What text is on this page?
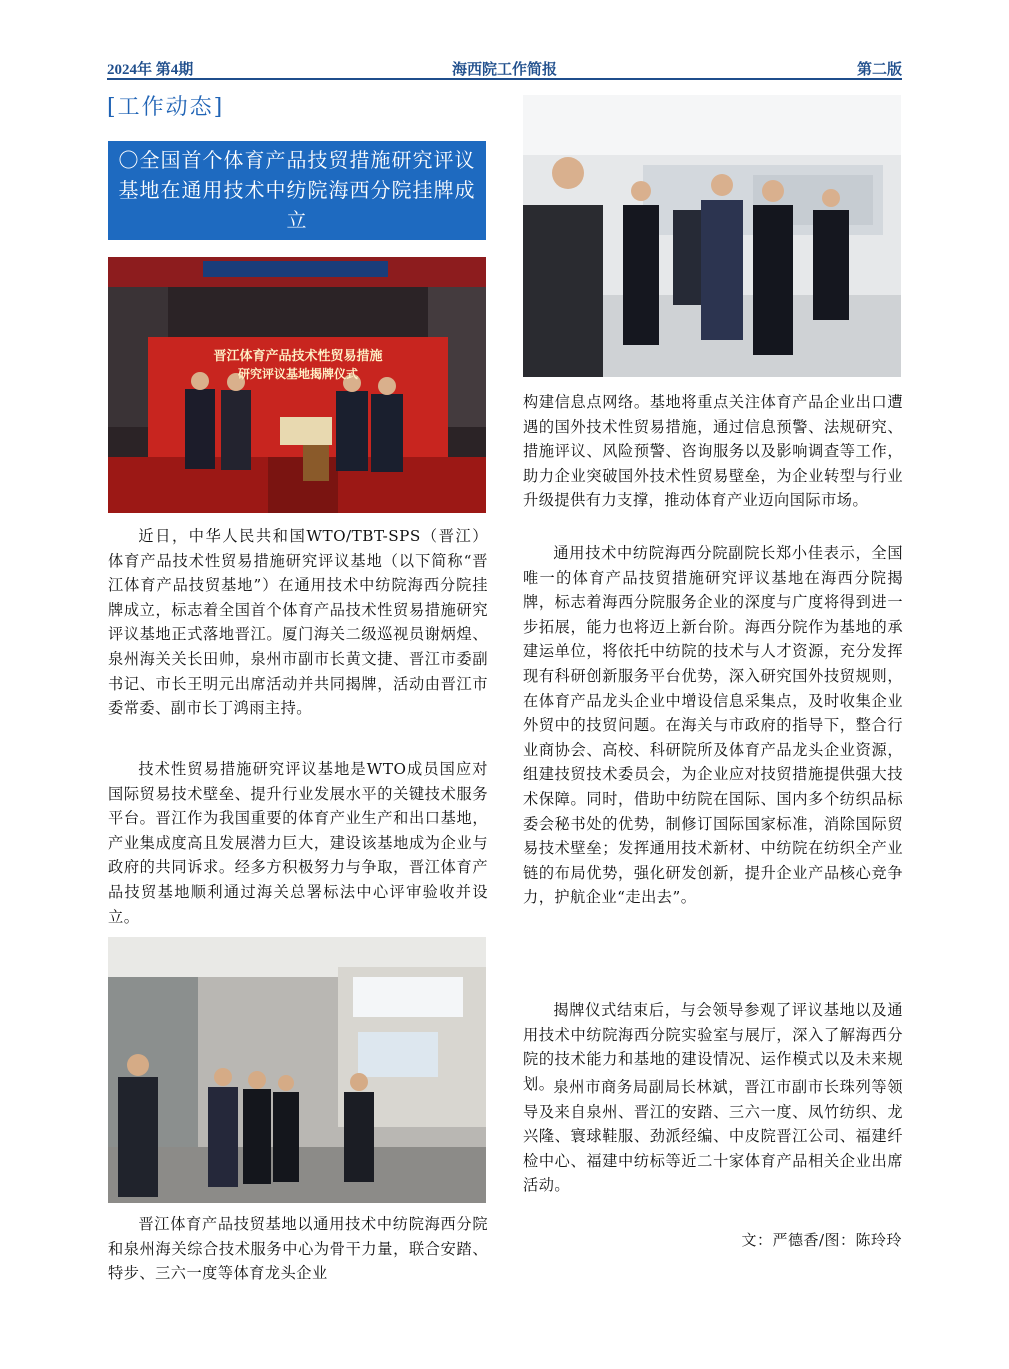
2024年 第4期	海西院工作简报	第二版
[工作动态]
〇全国首个体育产品技贸措施研究评议基地在通用技术中纺院海西分院挂牌成立
晋江体育产品技术性贸易措施
研究评议基地揭牌仪式
近日，中华人民共和国WTO/TBT-SPS（晋江）体育产品技术性贸易措施研究评议基地（以下简称“晋江体育产品技贸基地”）在通用技术中纺院海西分院挂牌成立，标志着全国首个体育产品技术性贸易措施研究评议基地正式落地晋江。厦门海关二级巡视员谢炳煌、泉州海关关长田帅，泉州市副市长黄文捷、晋江市委副书记、市长王明元出席活动并共同揭牌，活动由晋江市委常委、副市长丁鸿雨主持。
技术性贸易措施研究评议基地是WTO成员国应对国际贸易技术壁垒、提升行业发展水平的关键技术服务平台。晋江作为我国重要的体育产业生产和出口基地，产业集成度高且发展潜力巨大，建设该基地成为企业与政府的共同诉求。经多方积极努力与争取，晋江体育产品技贸基地顺利通过海关总署标法中心评审验收并设立。
晋江体育产品技贸基地以通用技术中纺院海西分院和泉州海关综合技术服务中心为骨干力量，联合安踏、特步、三六一度等体育龙头企业
构建信息点网络。基地将重点关注体育产品企业出口遭遇的国外技术性贸易措施，通过信息预警、法规研究、措施评议、风险预警、咨询服务以及影响调查等工作，助力企业突破国外技术性贸易壁垒，为企业转型与行业升级提供有力支撑，推动体育产业迈向国际市场。
通用技术中纺院海西分院副院长郑小佳表示，全国唯一的体育产品技贸措施研究评议基地在海西分院揭牌，标志着海西分院服务企业的深度与广度将得到进一步拓展，能力也将迈上新台阶。海西分院作为基地的承建运单位，将依托中纺院的技术与人才资源，充分发挥现有科研创新服务平台优势，深入研究国外技贸规则，在体育产品龙头企业中增设信息采集点，及时收集企业外贸中的技贸问题。在海关与市政府的指导下，整合行业商协会、高校、科研院所及体育产品龙头企业资源，组建技贸技术委员会，为企业应对技贸措施提供强大技术保障。同时，借助中纺院在国际、国内多个纺织品标委会秘书处的优势，制修订国际国家标准，消除国际贸易技术壁垒；发挥通用技术新材、中纺院在纺织全产业链的布局优势，强化研发创新，提升企业产品核心竞争力，护航企业“走出去”。
揭牌仪式结束后，与会领导参观了评议基地以及通用技术中纺院海西分院实验室与展厅，深入了解海西分院的技术能力和基地的建设情况、运作模式以及未来规划。 泉州市商务局副局长林斌，晋江市副市长珠列等领导及来自泉州、晋江的安踏、三六一度、凤竹纺织、龙兴隆、寰球鞋服、劲派经编、中皮院晋江公司、福建纤检中心、福建中纺标等近二十家体育产品相关企业出席活动。
文：严德香/图：陈玲玲
